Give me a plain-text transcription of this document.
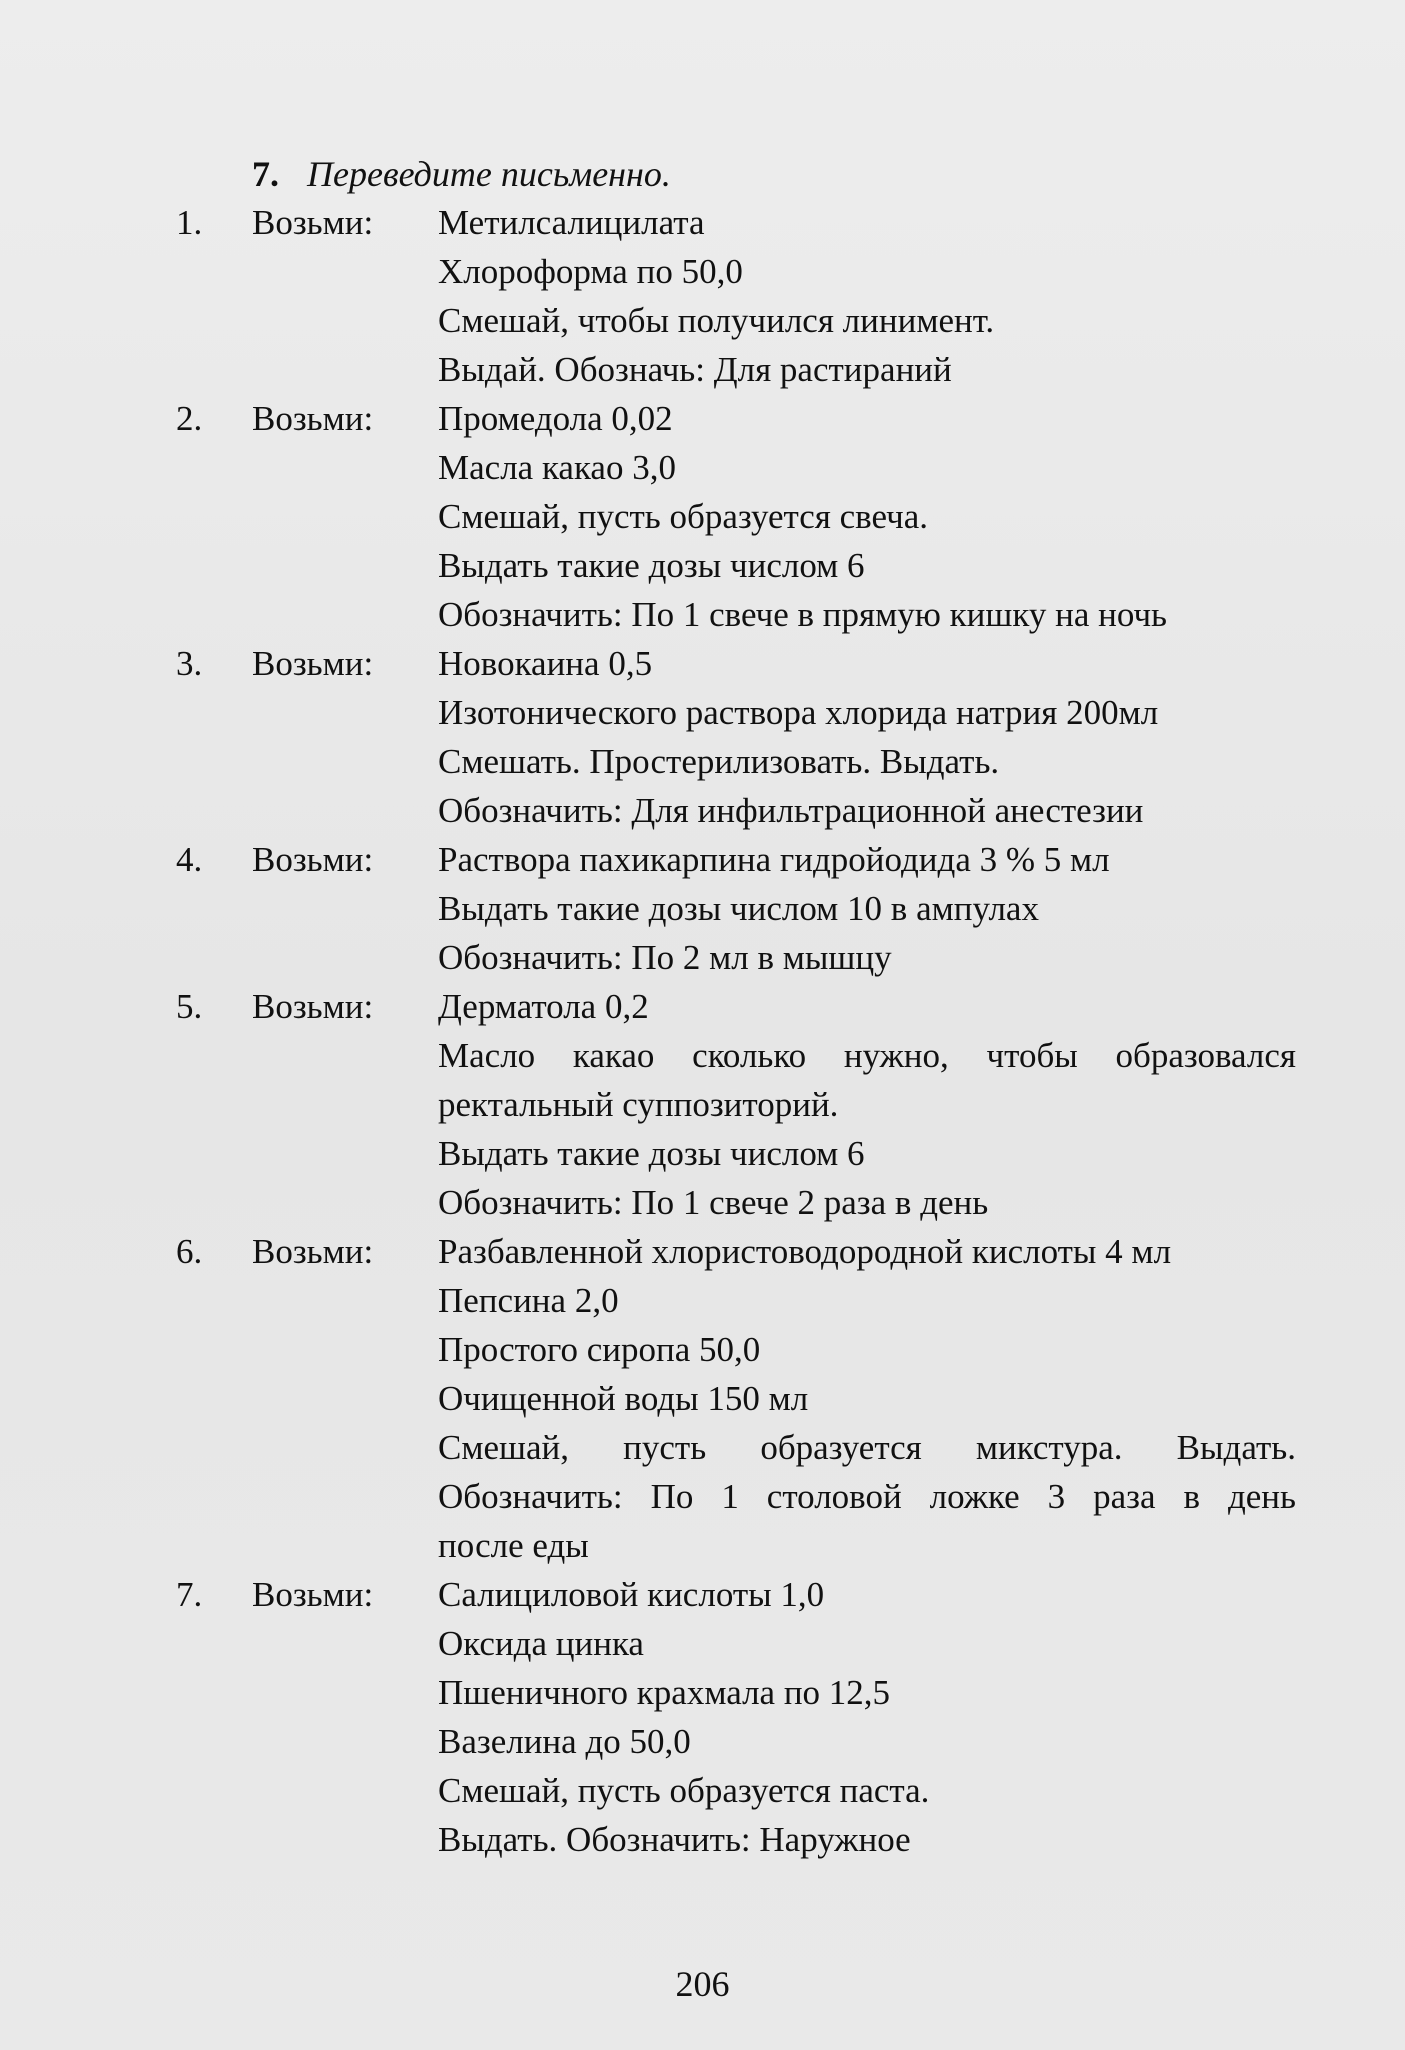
7. Переведите письменно.
1. Возьми: Метилсалицилата
Хлороформа по 50,0
Смешай, чтобы получился линимент.
Выдай. Обозначь: Для растираний
2. Возьми: Промедола 0,02
Масла какао 3,0
Смешай, пусть образуется свеча.
Выдать такие дозы числом 6
Обозначить: По 1 свече в прямую кишку на ночь
3. Возьми: Новокаина 0,5
Изотонического раствора хлорида натрия 200мл
Смешать. Простерилизовать. Выдать.
Обозначить: Для инфильтрационной анестезии
4. Возьми: Раствора пахикарпина гидройодида 3 % 5 мл
Выдать такие дозы числом 10 в ампулах
Обозначить: По 2 мл в мышцу
5. Возьми: Дерматола 0,2
Масло какао сколько нужно, чтобы образовался
ректальный суппозиторий.
Выдать такие дозы числом 6
Обозначить: По 1 свече 2 раза в день
6. Возьми: Разбавленной хлористоводородной кислоты 4 мл
Пепсина 2,0
Простого сиропа 50,0
Очищенной воды 150 мл
Смешай, пусть образуется микстура. Выдать.
Обозначить: По 1 столовой ложке 3 раза в день
после еды
7. Возьми: Салициловой кислоты 1,0
Оксида цинка
Пшеничного крахмала по 12,5
Вазелина до 50,0
Смешай, пусть образуется паста.
Выдать. Обозначить: Наружное
206
